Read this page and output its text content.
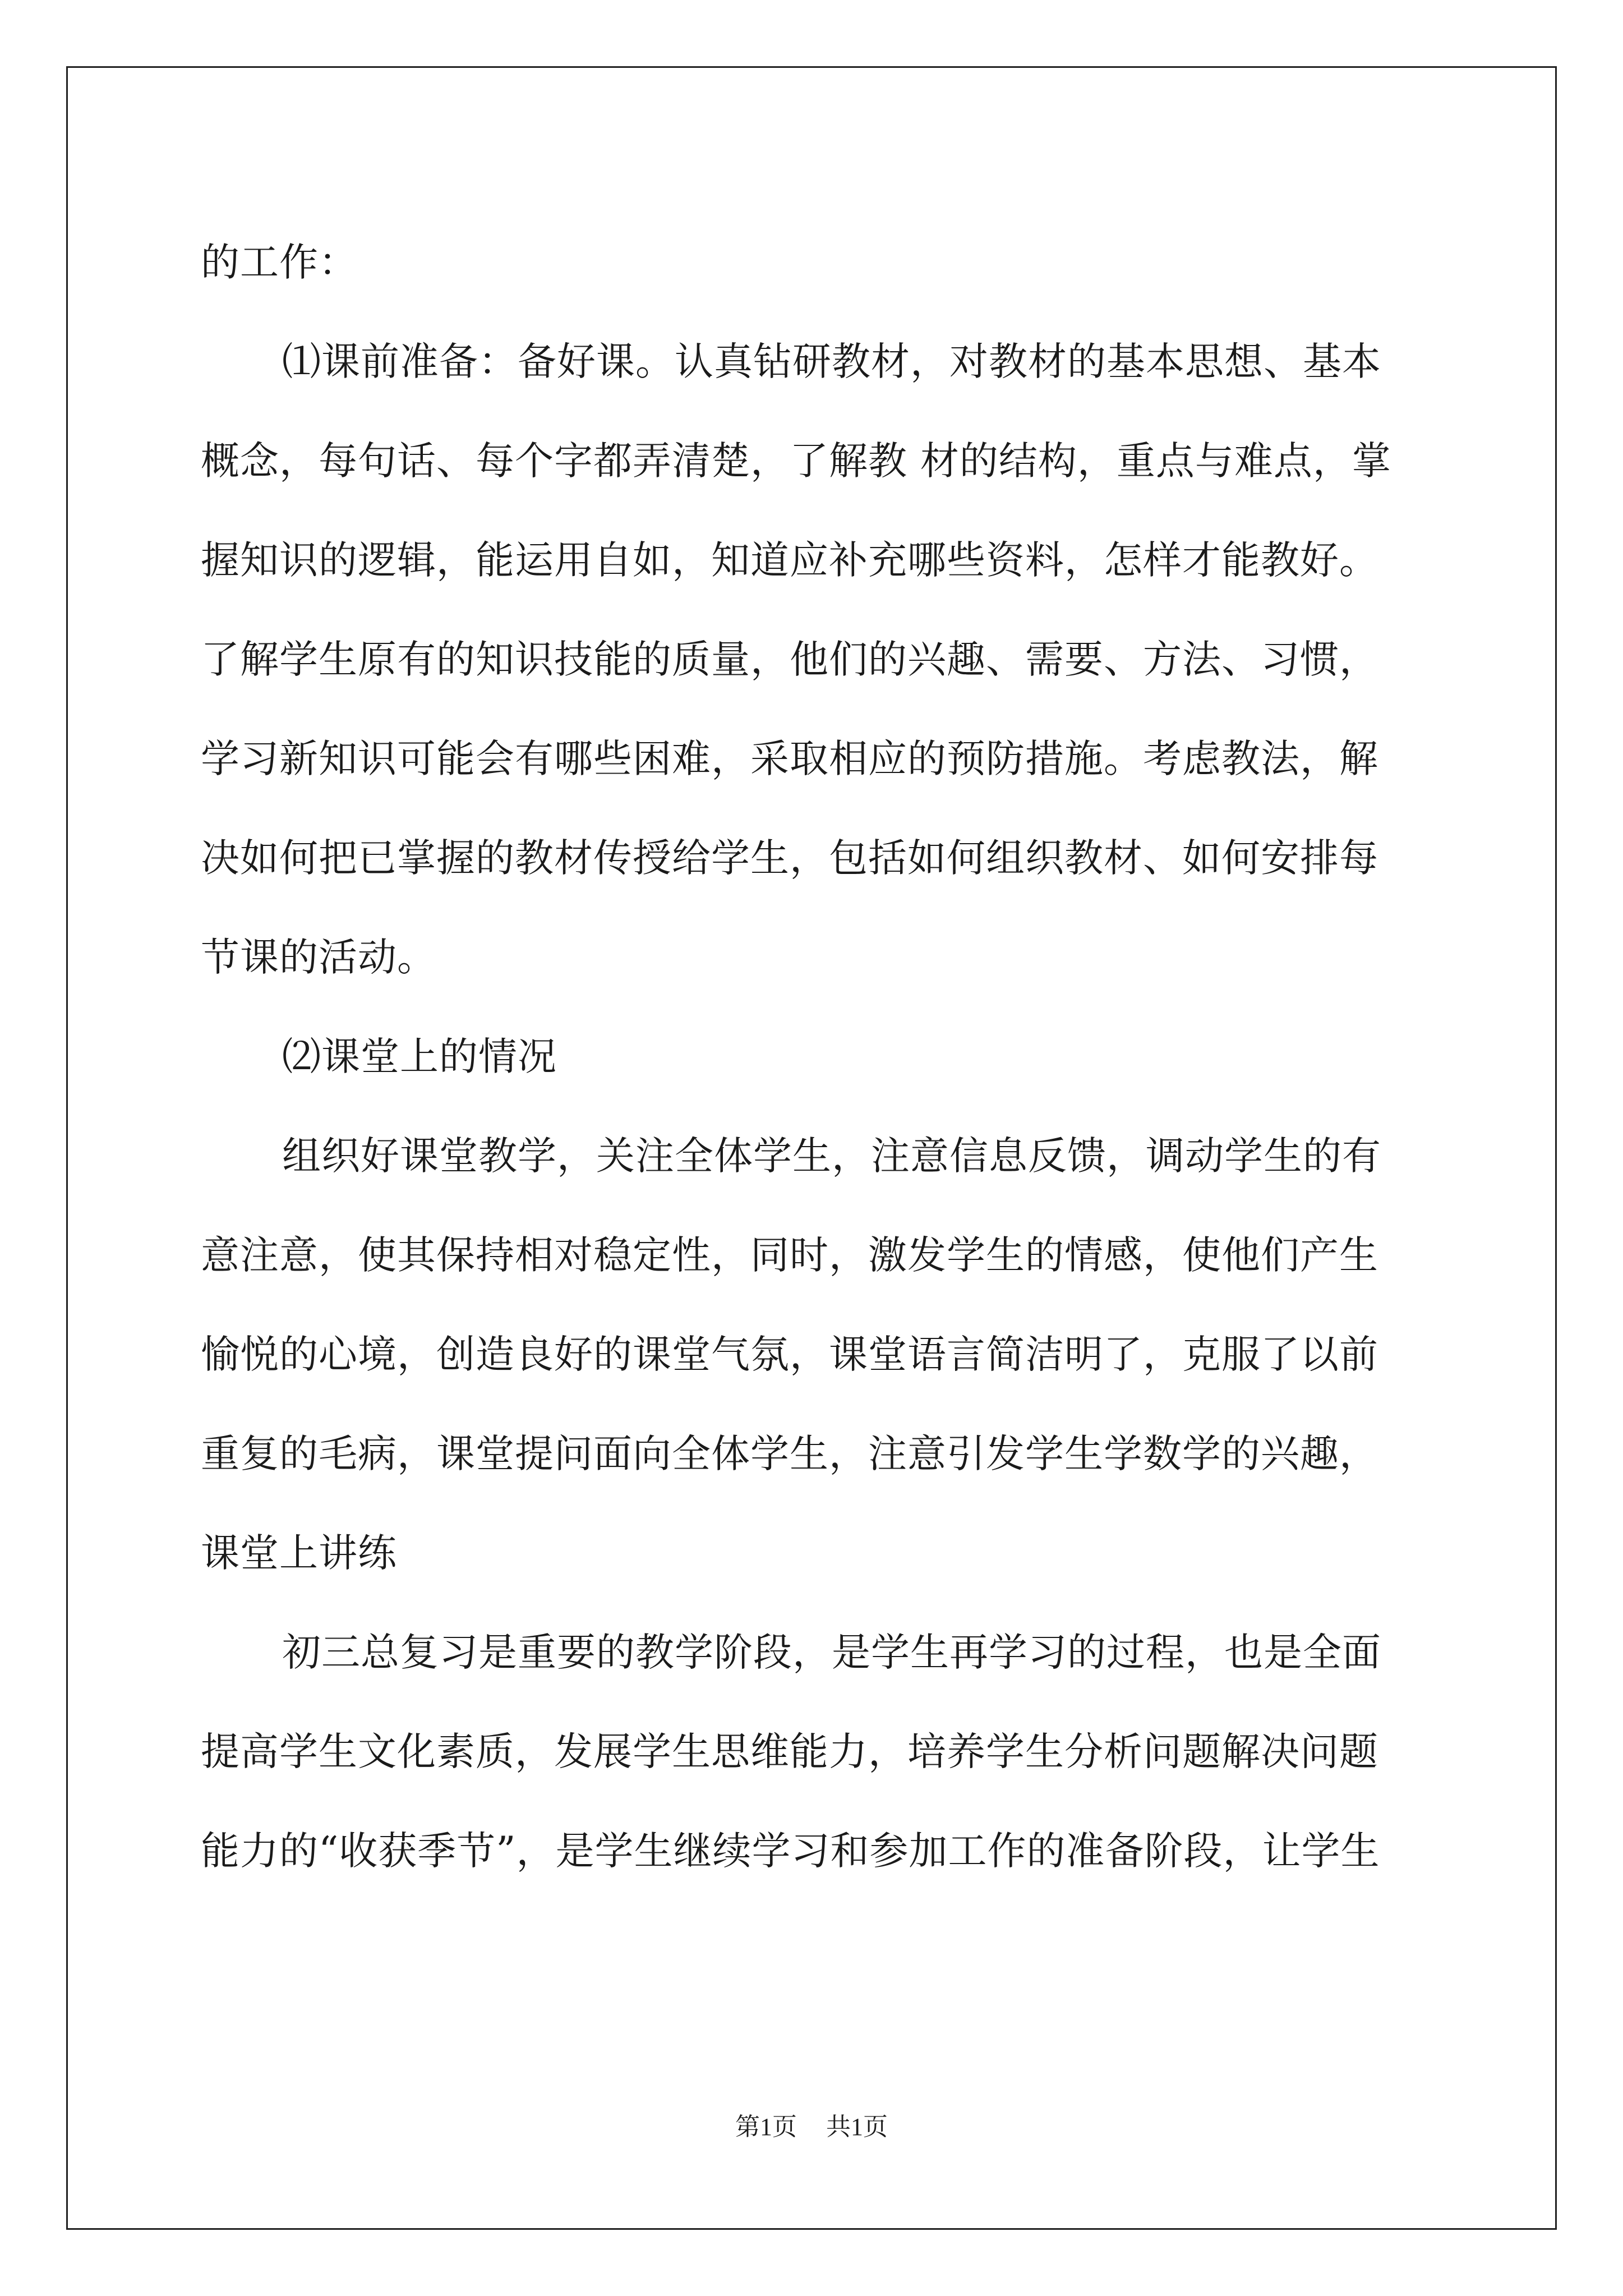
的工作：
⑴课前准备：备好课。认真钻研教材，对教材的基本思想、基本
概念，每句话、每个字都弄清楚，了解教 材的结构，重点与难点，掌
握知识的逻辑，能运用自如，知道应补充哪些资料，怎样才能教好。
了解学生原有的知识技能的质量，他们的兴趣、需要、方法、习惯，
学习新知识可能会有哪些困难，采取相应的预防措施。考虑教法，解
决如何把已掌握的教材传授给学生，包括如何组织教材、如何安排每
节课的活动。
⑵课堂上的情况
组织好课堂教学，关注全体学生，注意信息反馈，调动学生的有
意注意，使其保持相对稳定性，同时，激发学生的情感，使他们产生
愉悦的心境，创造良好的课堂气氛，课堂语言简洁明了，克服了以前
重复的毛病，课堂提问面向全体学生，注意引发学生学数学的兴趣，
课堂上讲练
初三总复习是重要的教学阶段，是学生再学习的过程，也是全面
提高学生文化素质，发展学生思维能力，培养学生分析问题解决问题
能力的“收获季节”，是学生继续学习和参加工作的准备阶段，让学生
第1页 共1页
